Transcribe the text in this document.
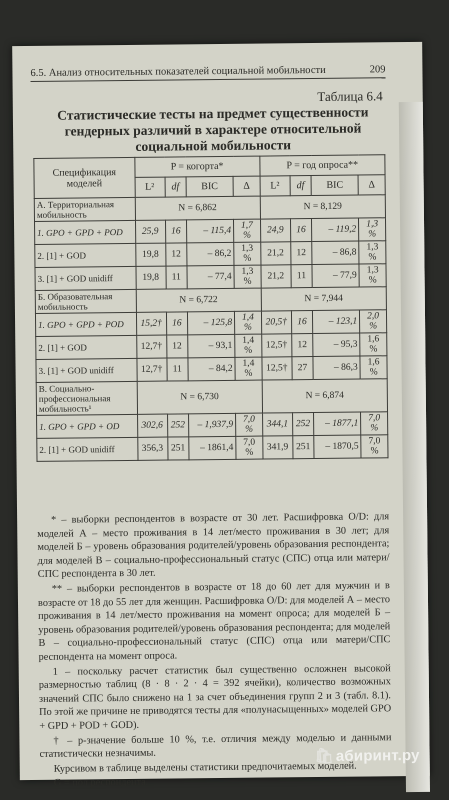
6.5. Анализ относительных показателей социальной мобильности	209
Таблица 6.4
Статистические тесты на предмет существенности гендерных различий в характере относительной социальной мобильности
Спецификация моделей	P = когорта*				P = год опроса**			
	L²	df	BIC	Δ	L²	df	BIC	Δ
А. Территориальная мобильность	N = 6,862				N = 8,129			
1. GPO + GPD + POD	25,9	16	– 115,4	1,7 %	24,9	16	– 119,2	1,3 %
2. [1] + GOD	19,8	12	– 86,2	1,3 %	21,2	12	– 86,8	1,3 %
3. [1] + GOD unidiff	19,8	11	– 77,4	1,3 %	21,2	11	– 77,9	1,3 %
Б. Образовательная мобильность	N = 6,722				N = 7,944			
1. GPO + GPD + POD	15,2†	16	– 125,8	1,4 %	20,5†	16	– 123,1	2,0 %
2. [1] + GOD	12,7†	12	– 93,1	1,4 %	12,5†	12	– 95,3	1,6 %
3. [1] + GOD unidiff	12,7†	11	– 84,2	1,4 %	12,5†	27	– 86,3	1,6 %
В. Социально-профессиональная мобильность¹	N = 6,730				N = 6,874			
1. GPO + GPD + OD	302,6	252	– 1,937,9	7,0 %	344,1	252	– 1877,1	7,0 %
2. [1] + GOD unidiff	356,3	251	– 1861,4	7,0 %	341,9	251	– 1870,5	7,0 %

* – выборки респондентов в возрасте от 30 лет. Расшифровка O/D: для моделей А – место проживания в 14 лет/место проживания в 30 лет; для моделей Б – уровень образования родителей/уровень образования респондента; для моделей В – социально-профессиональный статус (СПС) отца или матери/СПС респондента в 30 лет.

** – выборки респондентов в возрасте от 18 до 60 лет для мужчин и в возрасте от 18 до 55 лет для женщин. Расшифровка O/D: для моделей А – место проживания в 14 лет/место проживания на момент опроса; для моделей Б – уровень образования родителей/уровень образования респондента; для моделей В – социально-профессиональный статус (СПС) отца или матери/СПС респондента на момент опроса.

1 – поскольку расчет статистик был существенно осложнен высокой размерностью таблиц (8 · 8 · 2 · 4 = 392 ячейки), количество возможных значений СПС было снижено на 1 за счет объединения групп 2 и 3 (табл. 8.1). По этой же причине не приводятся тесты для «полунасыщенных» моделей GPO + GPD + POD + GOD).

† – p-значение больше 10 %, т.е. отличия между моделью и данными статистически незначимы.

Курсивом в таблице выделены статистики предпочитаемых моделей.

G = пол респондента.

🛍 абиринт.ру
